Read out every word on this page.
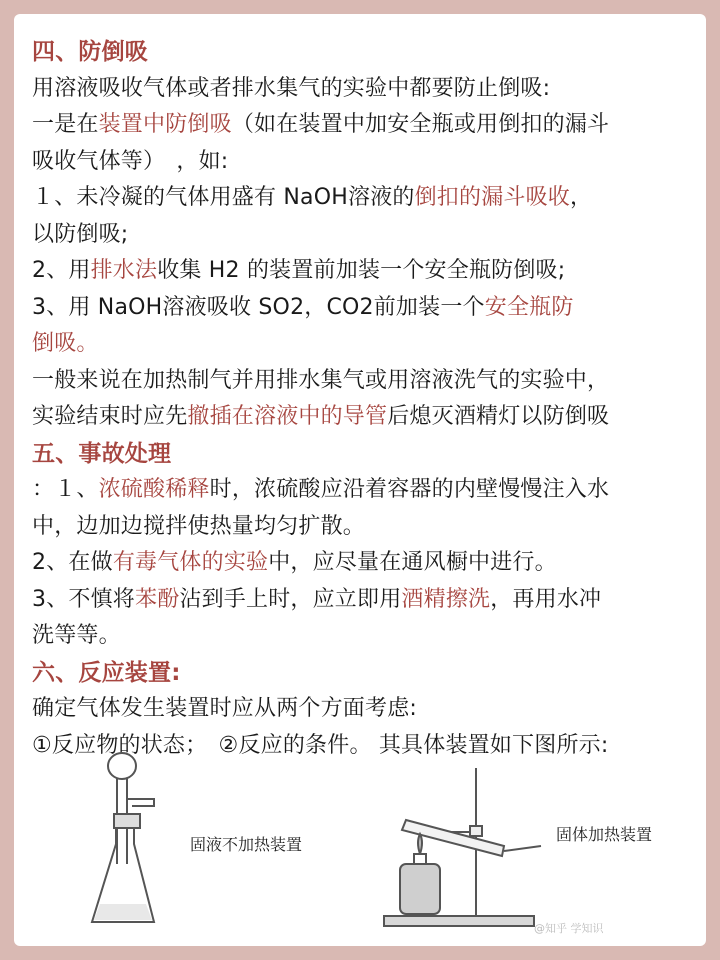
四、防倒吸
用溶液吸收气体或者排水集气的实验中都要防止倒吸:
一是在装置中防倒吸（如在装置中加安全瓶或用倒扣的漏斗
吸收气体等）　，如:
１、未冷凝的气体用盛有 NaOH溶液的倒扣的漏斗吸收，
以防倒吸;
2、用排水法收集 H2 的装置前加装一个安全瓶防倒吸;
3、用 NaOH溶液吸收 SO2，CO2前加装一个安全瓶防
倒吸。
一般来说在加热制气并用排水集气或用溶液洗气的实验中，
实验结束时应先撤插在溶液中的导管后熄灭酒精灯以防倒吸
五、事故处理
：１、浓硫酸稀释时，浓硫酸应沿着容器的内壁慢慢注入水
中，边加边搅拌使热量均匀扩散。
2、在做有毒气体的实验中，应尽量在通风橱中进行。
3、不慎将苯酚沾到手上时，应立即用酒精擦洗，再用水冲
洗等等。
六、反应装置:
确定气体发生装置时应从两个方面考虑:
①反应物的状态；　②反应的条件。 其具体装置如下图所示:
固液不加热装置
固体加热装置
@知乎 学知识
